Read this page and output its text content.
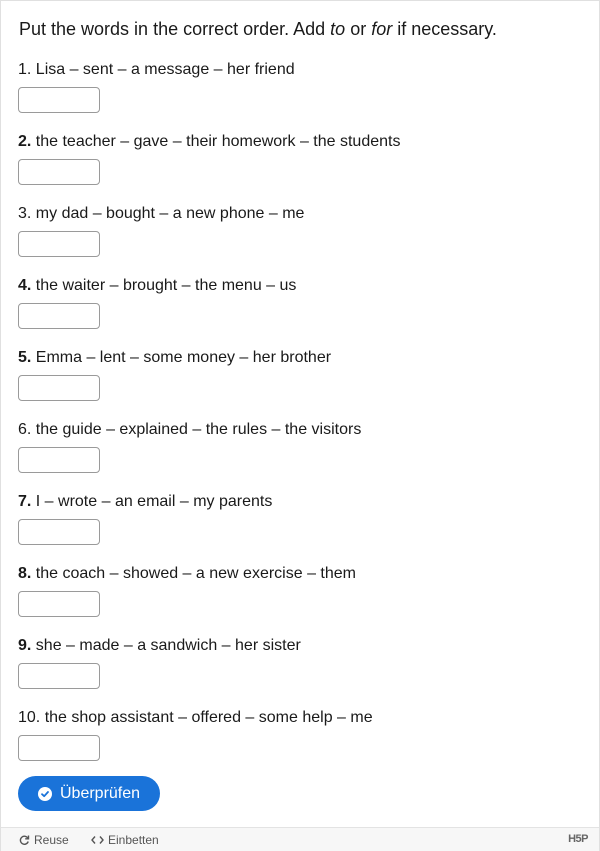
Put the words in the correct order. Add to or for if necessary.
1. Lisa – sent – a message – her friend
2. the teacher – gave – their homework – the students
3. my dad – bought – a new phone – me
4. the waiter – brought – the menu – us
5. Emma – lent – some money – her brother
6. the guide – explained – the rules – the visitors
7. I – wrote – an email – my parents
8. the coach – showed – a new exercise – them
9. she – made – a sandwich – her sister
10. the shop assistant – offered – some help – me
Überprüfen
Reuse	Einbetten	H5P
